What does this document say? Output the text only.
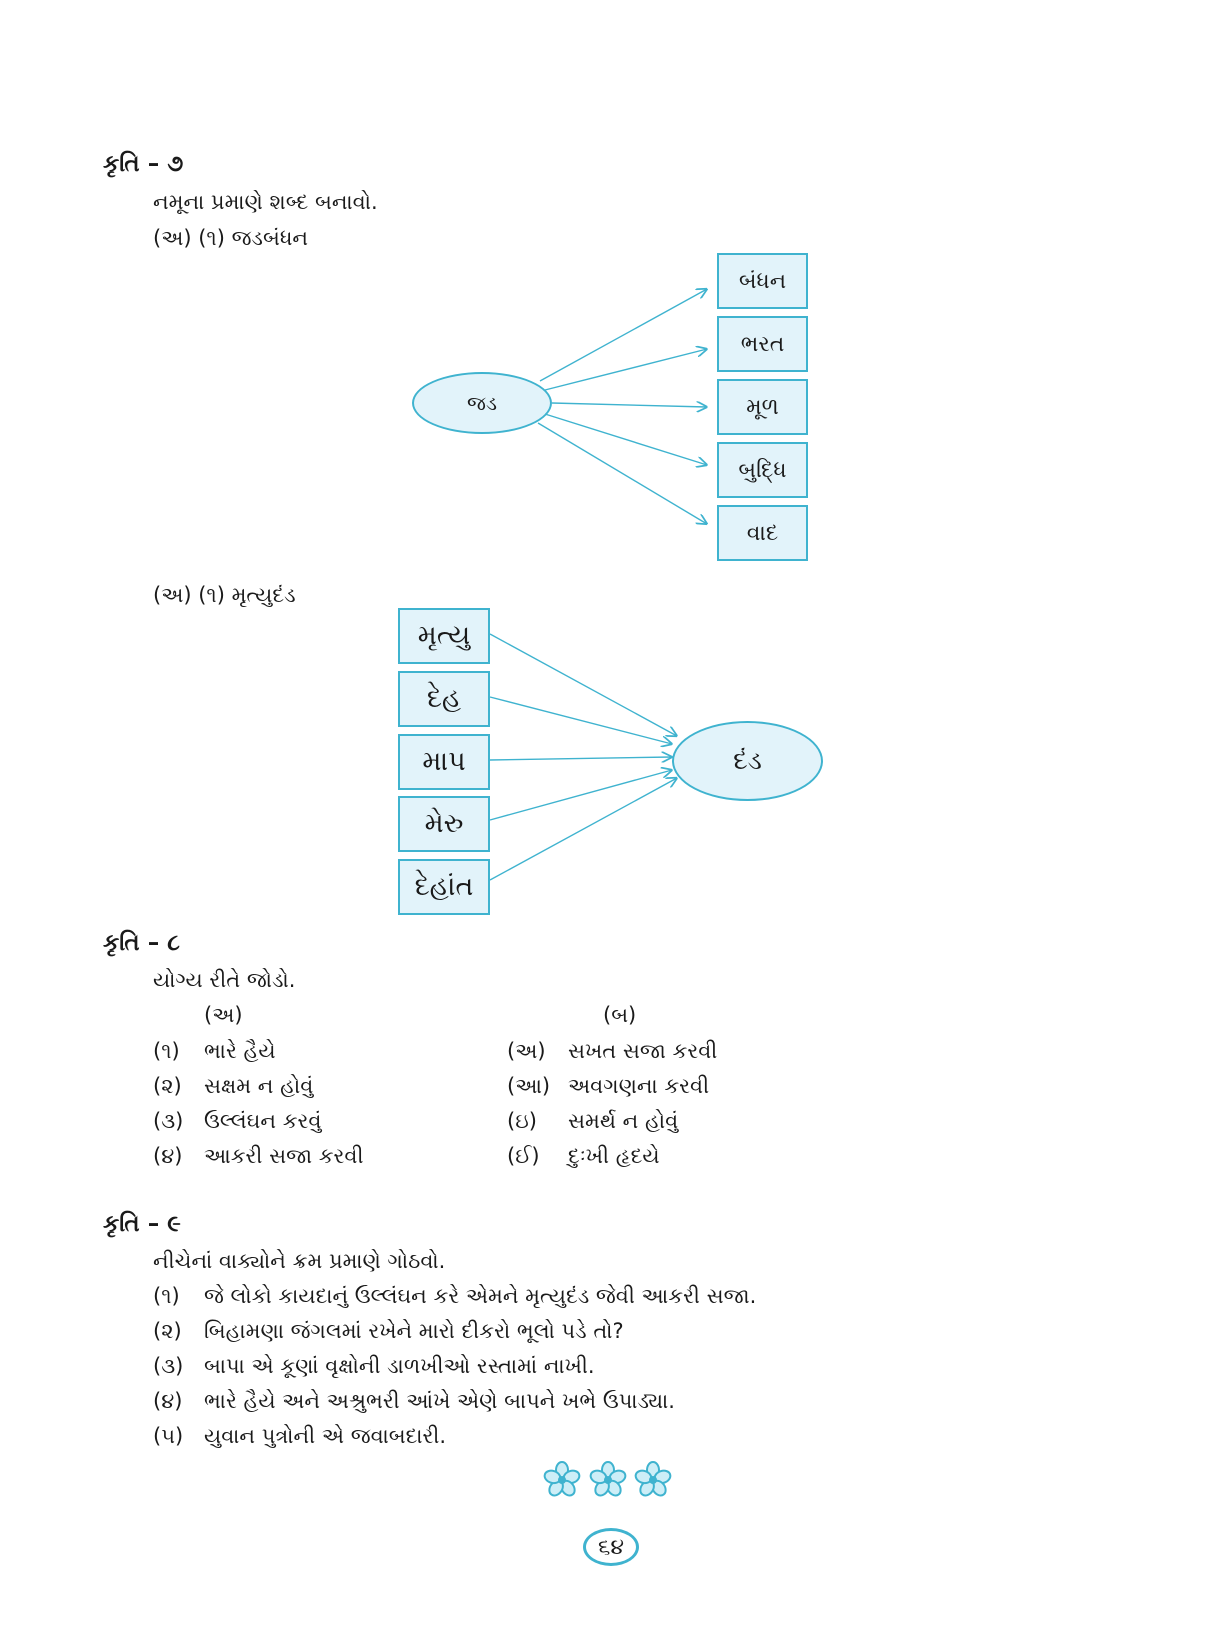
કૃતિ – ૭
નમૂના પ્રમાણે શબ્દ બનાવો.
(અ) (૧) જડબંધન
જડ
બંધન
ભરત
મૂળ
બુદ્ધિ
વાદ
(અ) (૧) મૃત્યુદંડ
મૃત્યુ
દેહ
માપ
મેરુ
દેહાંત
દંડ
કૃતિ – ૮
યોગ્ય રીતે જોડો.
(અ)	(બ)
(૧) ભારે હૈયે	(અ) સખત સજા કરવી
(૨) સક્ષમ ન હોવું	(આ) અવગણના કરવી
(૩) ઉલ્લંઘન કરવું	(ઇ) સમર્થ ન હોવું
(૪) આકરી સજા કરવી	(ઈ) દુઃખી હૃદયે
કૃતિ – ૯
નીચેનાં વાક્યોને ક્રમ પ્રમાણે ગોઠવો.
(૧) જે લોકો કાયદાનું ઉલ્લંઘન કરે એમને મૃત્યુદંડ જેવી આકરી સજા.
(૨) બિહામણા જંગલમાં રખેને મારો દીકરો ભૂલો પડે તો?
(૩) બાપા એ કૂણાં વૃક્ષોની ડાળખીઓ રસ્તામાં નાખી.
(૪) ભારે હૈયે અને અશ્રુભરી આંખે એણે બાપને ખભે ઉપાડ્યા.
(૫) યુવાન પુત્રોની એ જવાબદારી.
૬૪
